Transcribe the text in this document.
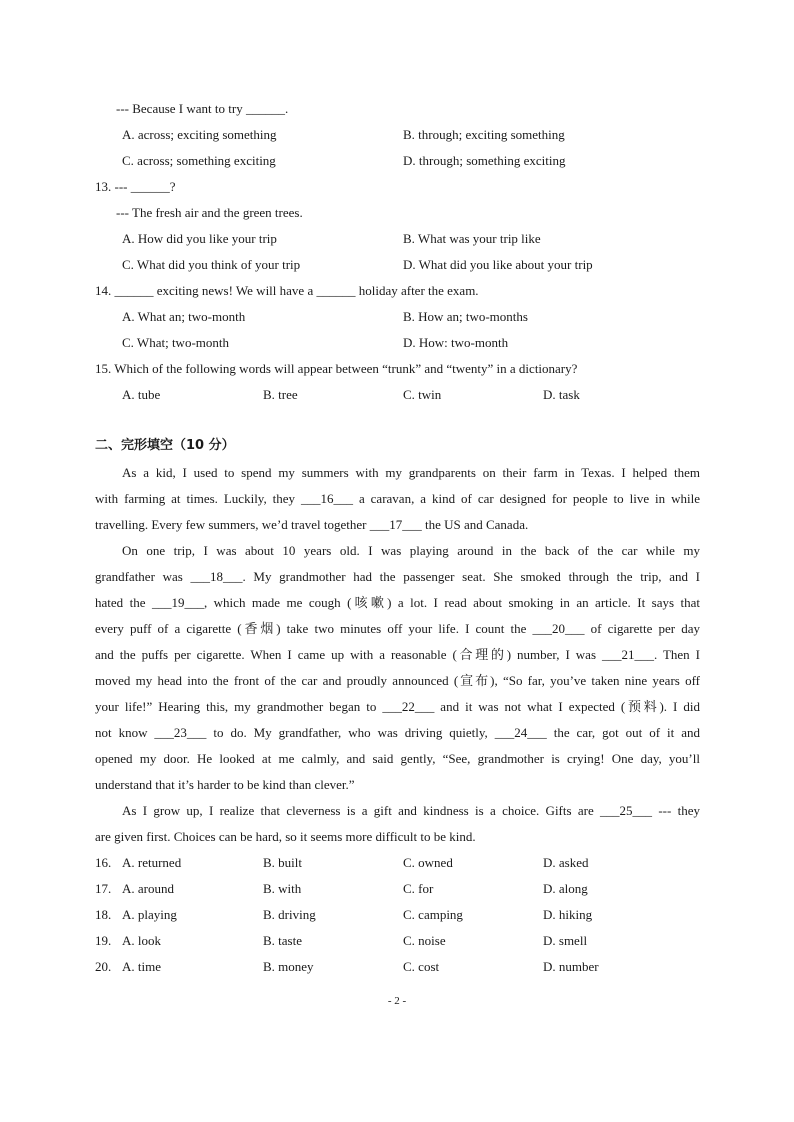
--- Because I want to try ______.
A. across; exciting something	B. through; exciting something
C. across; something exciting	D. through; something exciting
13. --- ______?
--- The fresh air and the green trees.
A. How did you like your trip	B. What was your trip like
C. What did you think of your trip	D. What did you like about your trip
14. ______ exciting news! We will have a ______ holiday after the exam.
A. What an; two-month	B. How an; two-months
C. What; two-month	D. How: two-month
15. Which of the following words will appear between “trunk” and “twenty” in a dictionary?
A. tube	B. tree	C. twin	D. task
二、完形填空（10 分）
As a kid, I used to spend my summers with my grandparents on their farm in Texas. I helped them
with farming at times. Luckily, they ___16___ a caravan, a kind of car designed for people to live in while
travelling. Every few summers, we’d travel together ___17___ the US and Canada.
On one trip, I was about 10 years old. I was playing around in the back of the car while my
grandfather was ___18___. My grandmother had the passenger seat. She smoked through the trip, and I
hated the ___19___, which made me cough (咳嗽) a lot. I read about smoking in an article. It says that
every puff of a cigarette (香烟) take two minutes off your life. I count the ___20___ of cigarette per day
and the puffs per cigarette. When I came up with a reasonable (合理的) number, I was ___21___. Then I
moved my head into the front of the car and proudly announced (宣布), “So far, you’ve taken nine years off
your life!” Hearing this, my grandmother began to ___22___ and it was not what I expected (预料). I did
not know ___23___ to do. My grandfather, who was driving quietly, ___24___ the car, got out of it and
opened my door. He looked at me calmly, and said gently, “See, grandmother is crying! One day, you’ll
understand that it’s harder to be kind than clever.”
As I grow up, I realize that cleverness is a gift and kindness is a choice. Gifts are ___25___ --- they
are given first. Choices can be hard, so it seems more difficult to be kind.
16. A. returned	B. built	C. owned	D. asked
17. A. around	B. with	C. for	D. along
18. A. playing	B. driving	C. camping	D. hiking
19. A. look	B. taste	C. noise	D. smell
20. A. time	B. money	C. cost	D. number
- 2 -
